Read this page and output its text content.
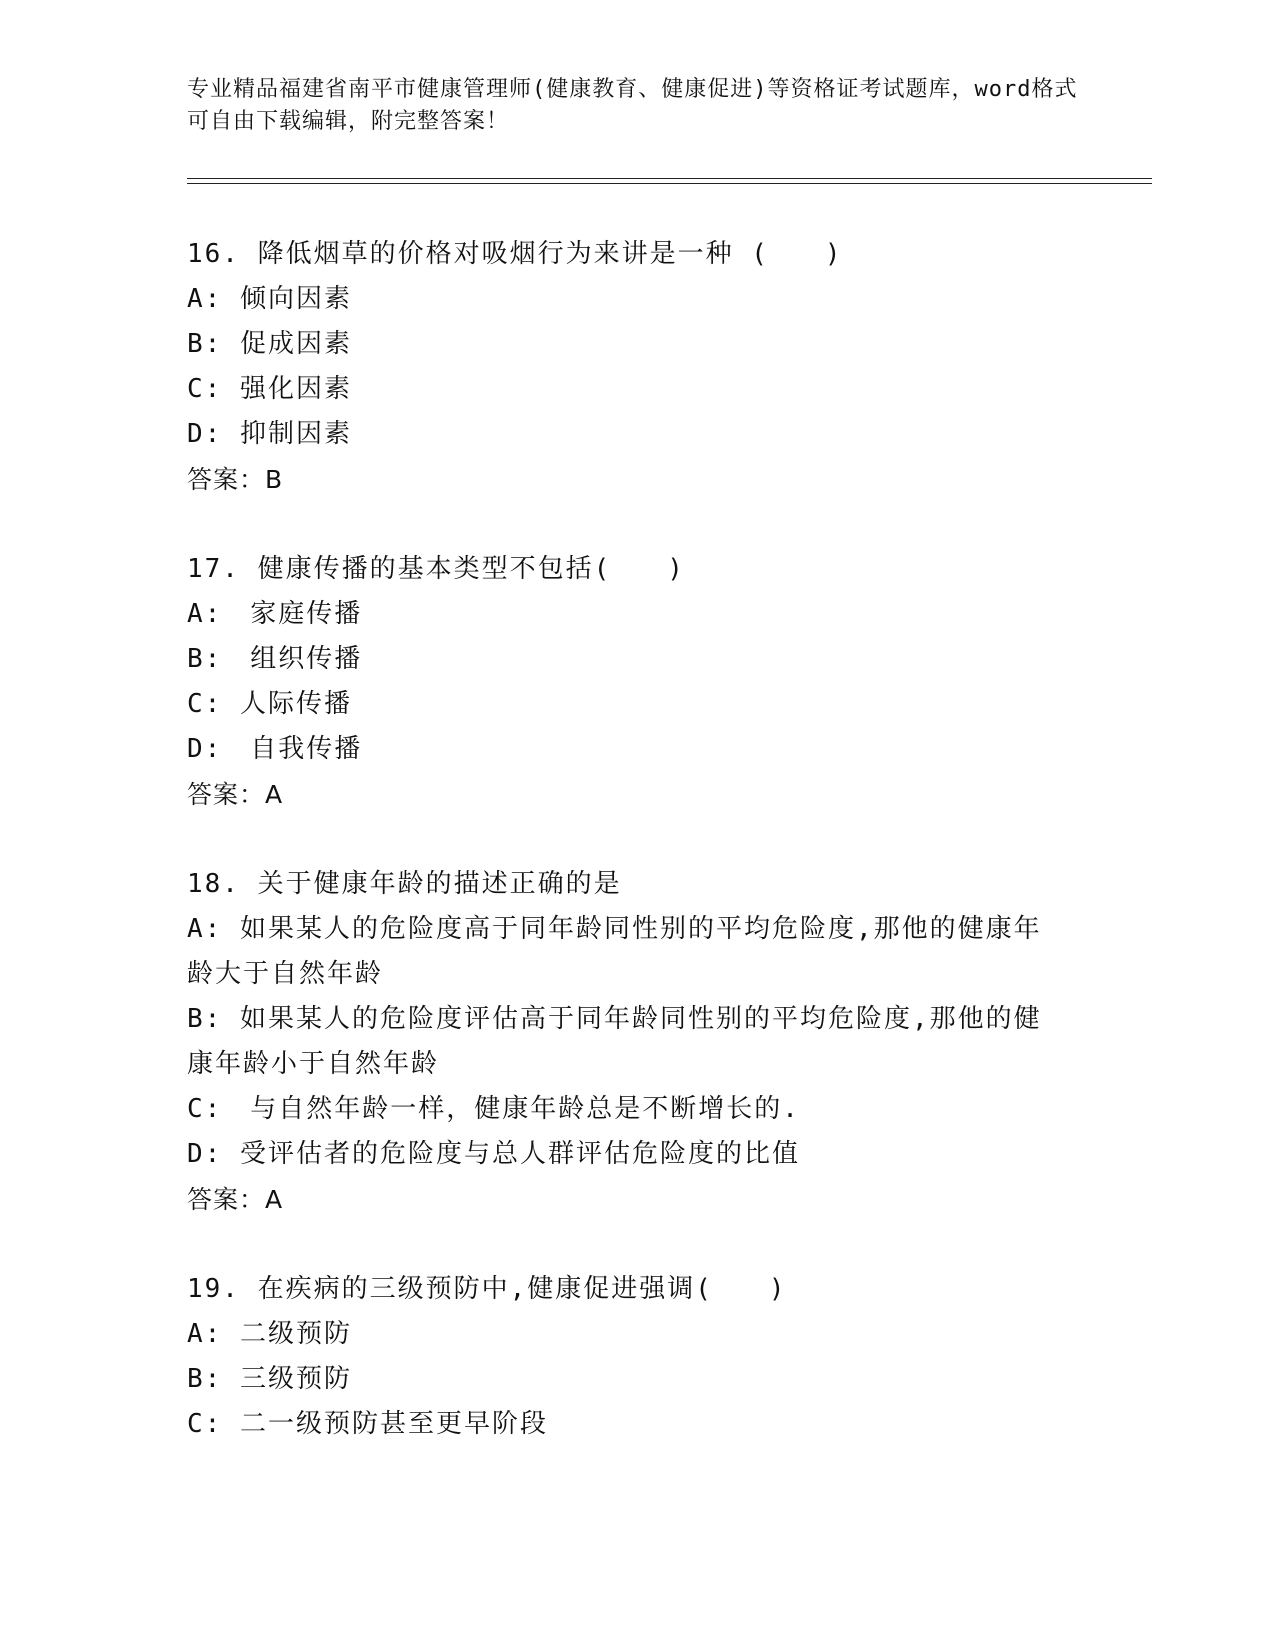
专业精品福建省南平市健康管理师(健康教育、健康促进)等资格证考试题库，word格式可自由下载编辑，附完整答案！
16. 降低烟草的价格对吸烟行为来讲是一种 (　　)
A: 倾向因素
B: 促成因素
C: 强化因素
D: 抑制因素
答案：B
17. 健康传播的基本类型不包括(　　)
A:　家庭传播
B:　组织传播
C: 人际传播
D:　自我传播
答案：A
18. 关于健康年龄的描述正确的是
A: 如果某人的危险度高于同年龄同性别的平均危险度,那他的健康年龄大于自然年龄
B: 如果某人的危险度评估高于同年龄同性别的平均危险度,那他的健康年龄小于自然年龄
C:　与自然年龄一样，健康年龄总是不断增长的.
D: 受评估者的危险度与总人群评估危险度的比值
答案：A
19. 在疾病的三级预防中,健康促进强调(　　)
A: 二级预防
B: 三级预防
C: 二一级预防甚至更早阶段
